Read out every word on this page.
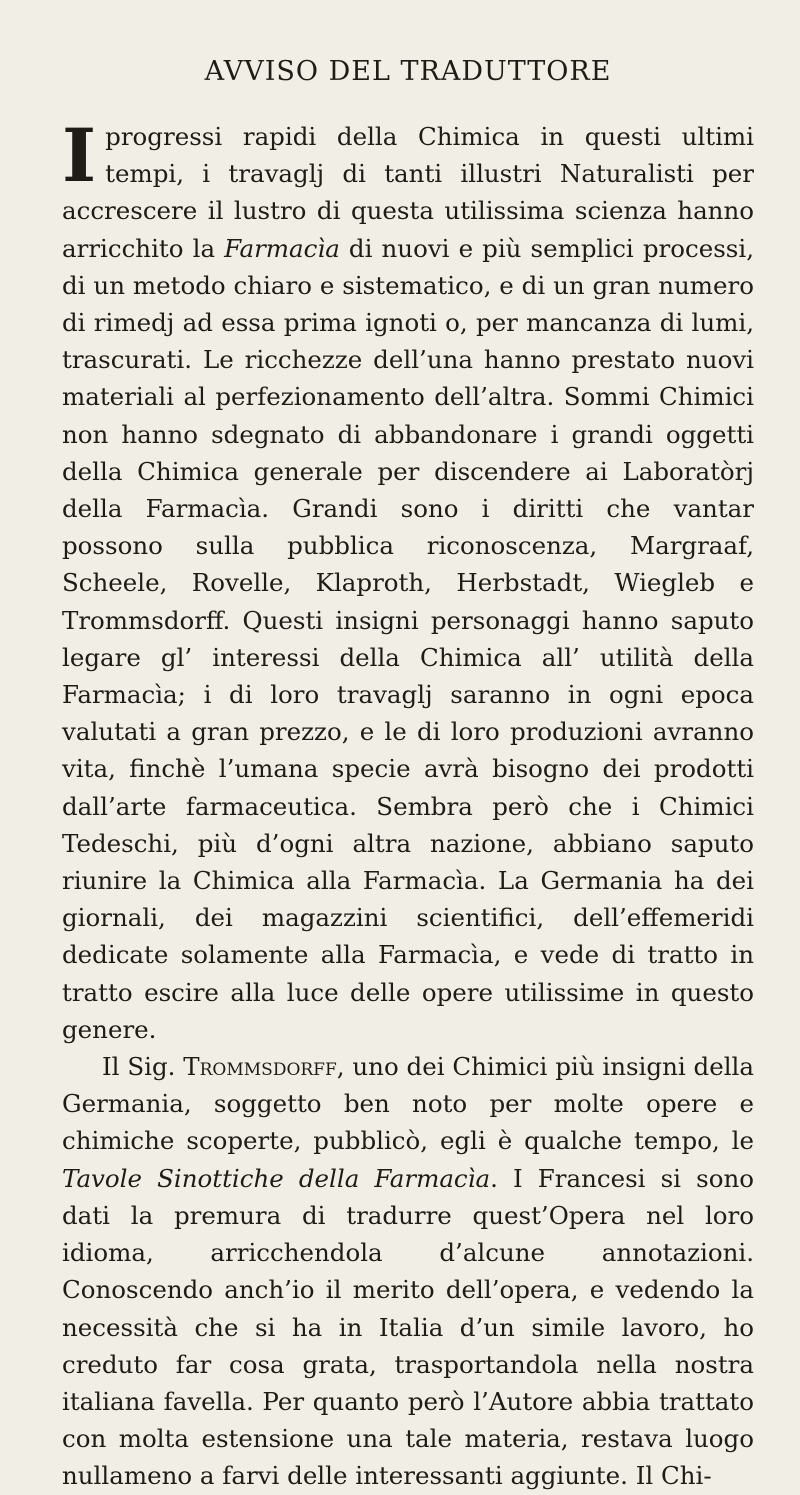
AVVISO DEL TRADUTTORE

I progressi rapidi della Chimica in questi ultimi tempi, i travaglj di tanti illustri Naturalisti per accrescere il lustro di questa utilissima scienza hanno arricchito la Farmacìa di nuovi e più semplici processi, di un metodo chiaro e sistematico, e di un gran numero di rimedj ad essa prima ignoti o, per mancanza di lumi, trascurati. Le ricchezze dell’una hanno prestato nuovi materiali al perfezionamento dell’altra. Sommi Chimici non hanno sdegnato di abbandonare i grandi oggetti della Chimica generale per discendere ai Laboratòrj della Farmacìa. Grandi sono i diritti che vantar possono sulla pubblica riconoscenza, Margraaf, Scheele, Rovelle, Klaproth, Herbstadt, Wiegleb e Trommsdorff. Questi insigni personaggi hanno saputo legare gl’ interessi della Chimica all’ utilità della Farmacìa; i di loro travaglj saranno in ogni epoca valutati a gran prezzo, e le di loro produzioni avranno vita, finchè l’umana specie avrà bisogno dei prodotti dall’arte farmaceutica. Sembra però che i Chimici Tedeschi, più d’ogni altra nazione, abbiano saputo riunire la Chimica alla Farmacìa. La Germania ha dei giornali, dei magazzini scientifici, dell’effemeridi dedicate solamente alla Farmacìa, e vede di tratto in tratto escire alla luce delle opere utilissime in questo genere.

Il Sig. Trommsdorff, uno dei Chimici più insigni della Germania, soggetto ben noto per molte opere e chimiche scoperte, pubblicò, egli è qualche tempo, le Tavole Sinottiche della Farmacìa. I Francesi si sono dati la premura di tradurre quest’Opera nel loro idioma, arricchendola d’alcune annotazioni. Conoscendo anch’io il merito dell’opera, e vedendo la necessità che si ha in Italia d’un simile lavoro, ho creduto far cosa grata, trasportandola nella nostra italiana favella. Per quanto però l’Autore abbia trattato con molta estensione una tale materia, restava luogo nullameno a farvi delle interessanti aggiunte. Il Chi-
